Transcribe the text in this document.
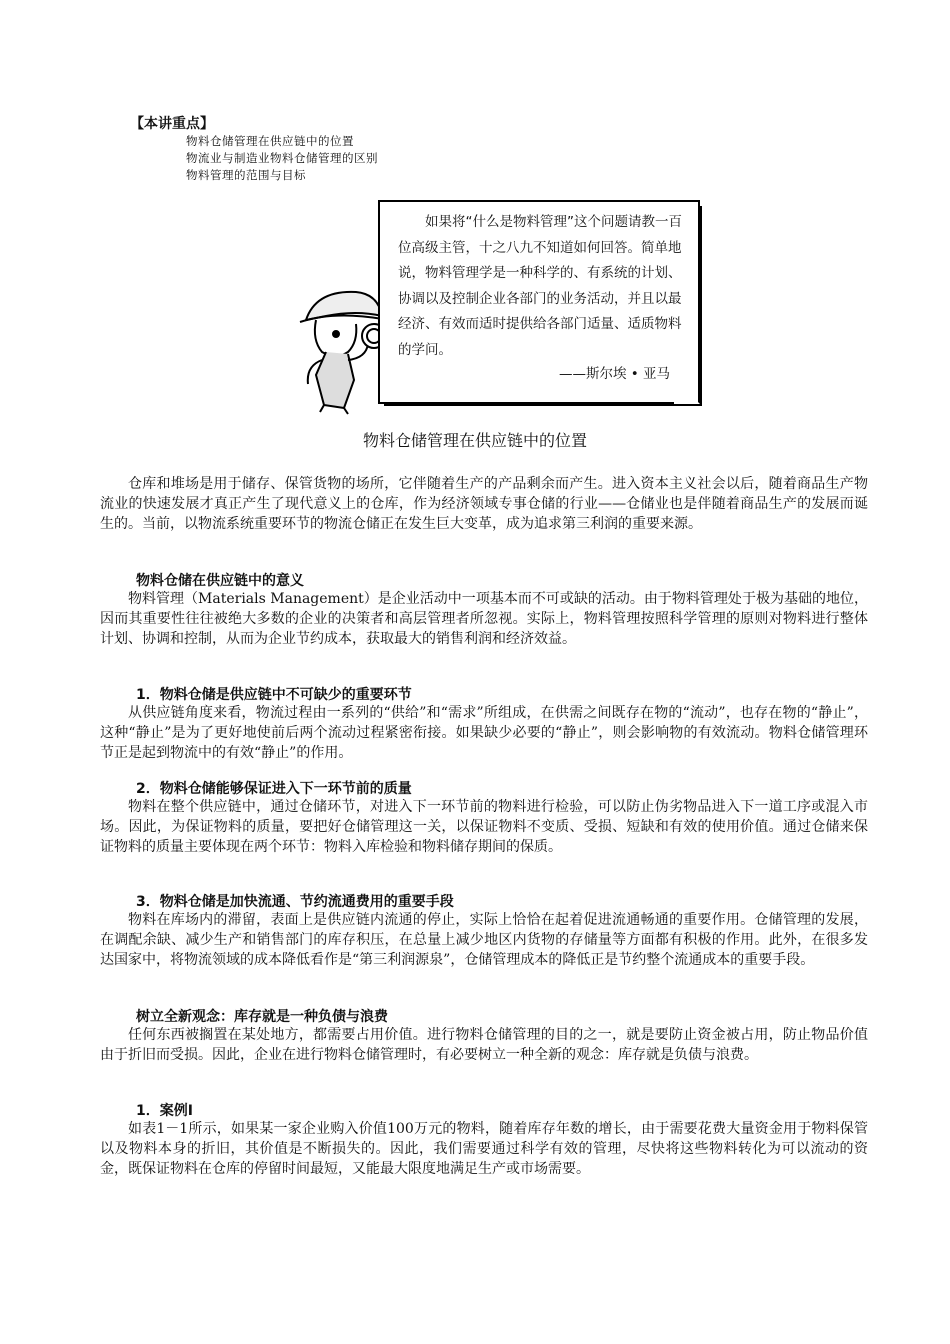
【本讲重点】
物料仓储管理在供应链中的位置
物流业与制造业物料仓储管理的区别
物料管理的范围与目标
如果将“什么是物料管理”这个问题请教一百位高级主管，十之八九不知道如何回答。简单地说，物料管理学是一种科学的、有系统的计划、协调以及控制企业各部门的业务活动，并且以最经济、有效而适时提供给各部门适量、适质物料的学问。
——斯尔埃 • 亚马
物料仓储管理在供应链中的位置
仓库和堆场是用于储存、保管货物的场所，它伴随着生产的产品剩余而产生。进入资本主义社会以后，随着商品生产物流业的快速发展才真正产生了现代意义上的仓库，作为经济领域专事仓储的行业——仓储业也是伴随着商品生产的发展而诞生的。当前，以物流系统重要环节的物流仓储正在发生巨大变革，成为追求第三利润的重要来源。
物料仓储在供应链中的意义
物料管理（Materials Management）是企业活动中一项基本而不可或缺的活动。由于物料管理处于极为基础的地位，因而其重要性往往被绝大多数的企业的决策者和高层管理者所忽视。实际上，物料管理按照科学管理的原则对物料进行整体计划、协调和控制，从而为企业节约成本，获取最大的销售利润和经济效益。
1．物料仓储是供应链中不可缺少的重要环节
从供应链角度来看，物流过程由一系列的“供给”和“需求”所组成，在供需之间既存在物的“流动”，也存在物的“静止”，这种“静止”是为了更好地使前后两个流动过程紧密衔接。如果缺少必要的“静止”，则会影响物的有效流动。物料仓储管理环节正是起到物流中的有效“静止”的作用。
2．物料仓储能够保证进入下一环节前的质量
物料在整个供应链中，通过仓储环节，对进入下一环节前的物料进行检验，可以防止伪劣物品进入下一道工序或混入市场。因此，为保证物料的质量，要把好仓储管理这一关，以保证物料不变质、受损、短缺和有效的使用价值。通过仓储来保证物料的质量主要体现在两个环节：物料入库检验和物料储存期间的保质。
3．物料仓储是加快流通、节约流通费用的重要手段
物料在库场内的滞留，表面上是供应链内流通的停止，实际上恰恰在起着促进流通畅通的重要作用。仓储管理的发展，在调配余缺、减少生产和销售部门的库存积压，在总量上减少地区内货物的存储量等方面都有积极的作用。此外，在很多发达国家中，将物流领域的成本降低看作是“第三利润源泉”，仓储管理成本的降低正是节约整个流通成本的重要手段。
树立全新观念：库存就是一种负债与浪费
任何东西被搁置在某处地方，都需要占用价值。进行物料仓储管理的目的之一，就是要防止资金被占用，防止物品价值由于折旧而受损。因此，企业在进行物料仓储管理时，有必要树立一种全新的观念：库存就是负债与浪费。
1．案例Ⅰ
如表1－1所示，如果某一家企业购入价值100万元的物料，随着库存年数的增长，由于需要花费大量资金用于物料保管以及物料本身的折旧，其价值是不断损失的。因此，我们需要通过科学有效的管理，尽快将这些物料转化为可以流动的资金，既保证物料在仓库的停留时间最短，又能最大限度地满足生产或市场需要。
